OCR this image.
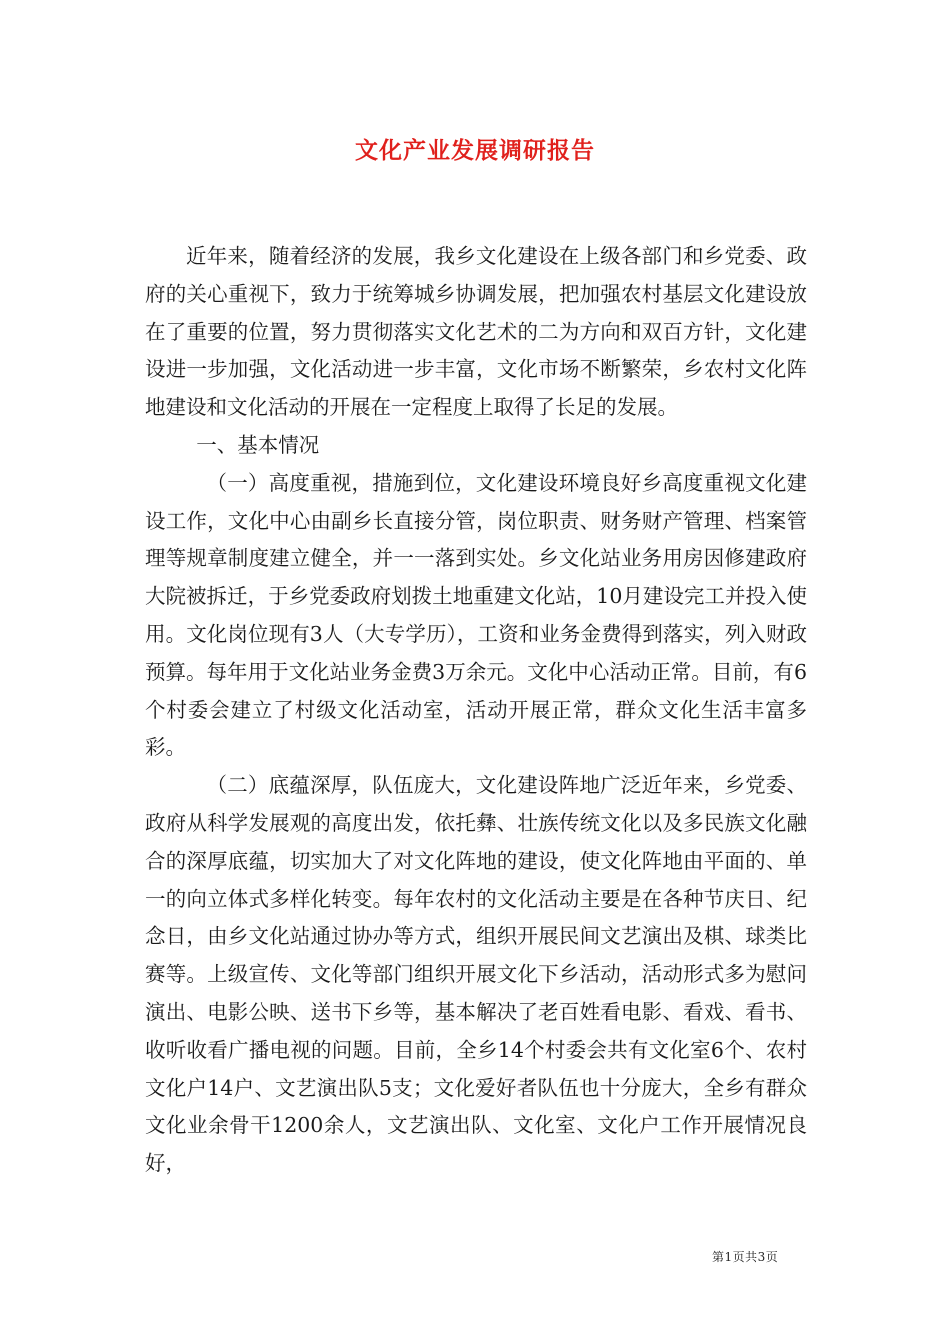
文化产业发展调研报告

近年来，随着经济的发展，我乡文化建设在上级各部门和乡党委、政府的关心重视下，致力于统筹城乡协调发展，把加强农村基层文化建设放在了重要的位置，努力贯彻落实文化艺术的二为方向和双百方针，文化建设进一步加强，文化活动进一步丰富，文化市场不断繁荣，乡农村文化阵地建设和文化活动的开展在一定程度上取得了长足的发展。

一、基本情况

（一）高度重视，措施到位，文化建设环境良好乡高度重视文化建设工作，文化中心由副乡长直接分管，岗位职责、财务财产管理、档案管理等规章制度建立健全，并一一落到实处。乡文化站业务用房因修建政府大院被拆迁，于乡党委政府划拨土地重建文化站，10月建设完工并投入使用。文化岗位现有3人（大专学历），工资和业务金费得到落实，列入财政预算。每年用于文化站业务金费3万余元。文化中心活动正常。目前，有6个村委会建立了村级文化活动室，活动开展正常，群众文化生活丰富多彩。

（二）底蕴深厚，队伍庞大，文化建设阵地广泛近年来，乡党委、政府从科学发展观的高度出发，依托彝、壮族传统文化以及多民族文化融合的深厚底蕴，切实加大了对文化阵地的建设，使文化阵地由平面的、单一的向立体式多样化转变。每年农村的文化活动主要是在各种节庆日、纪念日，由乡文化站通过协办等方式，组织开展民间文艺演出及棋、球类比赛等。上级宣传、文化等部门组织开展文化下乡活动，活动形式多为慰问演出、电影公映、送书下乡等，基本解决了老百姓看电影、看戏、看书、收听收看广播电视的问题。目前，全乡14个村委会共有文化室6个、农村文化户14户、文艺演出队5支；文化爱好者队伍也十分庞大，全乡有群众文化业余骨干1200余人，文艺演出队、文化室、文化户工作开展情况良好，

第1页共3页
